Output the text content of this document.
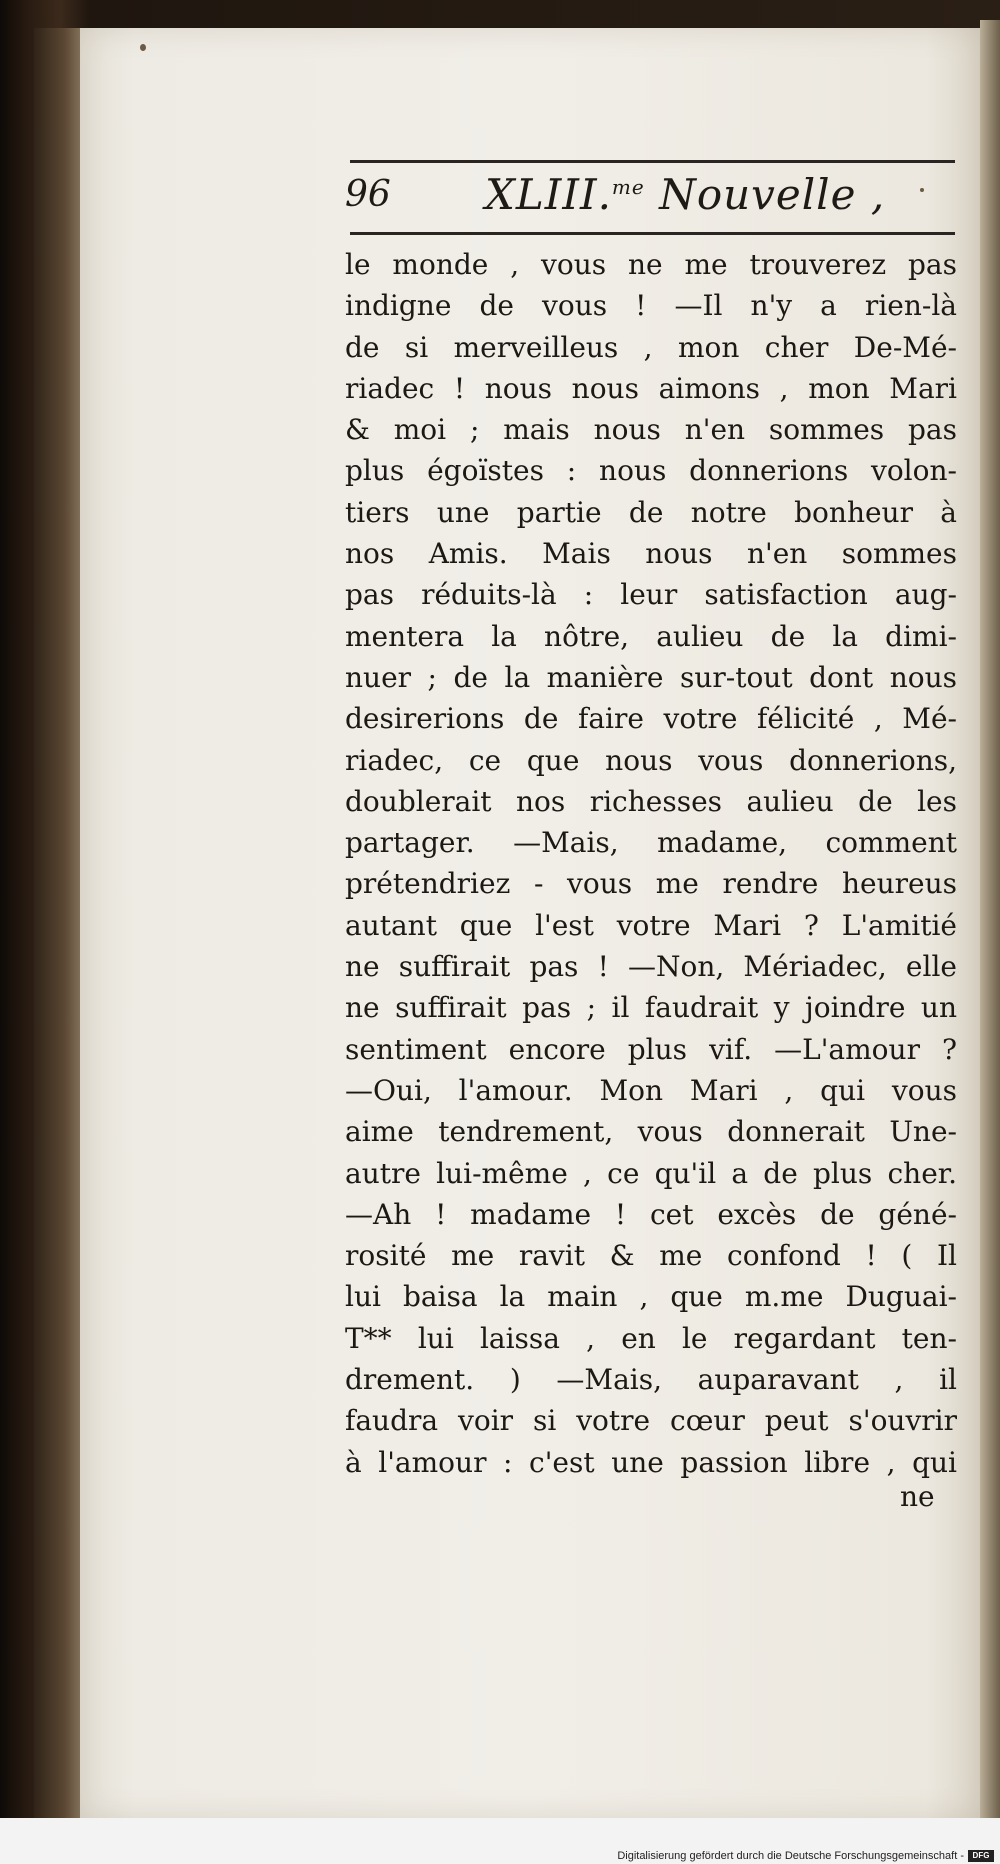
96 XLIII.$^{me}$ Nouvelle ,
le monde , vous ne me trouverez pas
indigne de vous ! —Il n'y a rien-là
de si merveilleus , mon cher De-Mé-
riadec ! nous nous aimons , mon Mari
& moi ; mais nous n'en sommes pas
plus égoïstes : nous donnerions volon-
tiers une partie de notre bonheur à
nos Amis. Mais nous n'en sommes
pas réduits-là : leur satisfaction aug-
mentera la nôtre, aulieu de la dimi-
nuer ; de la manière sur-tout dont nous
desirerions de faire votre félicité , Mé-
riadec, ce que nous vous donnerions,
doublerait nos richesses aulieu de les
partager. —Mais, madame, comment
prétendriez - vous me rendre heureus
autant que l'est votre Mari ? L'amitié
ne suffirait pas ! —Non, Mériadec, elle
ne suffirait pas ; il faudrait y joindre un
sentiment encore plus vif. —L'amour ?
—Oui, l'amour. Mon Mari , qui vous
aime tendrement, vous donnerait Une-
autre lui-même , ce qu'il a de plus cher.
—Ah ! madame ! cet excès de géné-
rosité me ravit & me confond ! ( Il
lui baisa la main , que m.me Duguai-
T** lui laissa , en le regardant ten-
drement. ) —Mais, auparavant , il
faudra voir si votre cœur peut s'ouvrir
à l'amour : c'est une passion libre , qui
ne
Digitalisierung gefördert durch die Deutsche Forschungsgemeinschaft -	DFG
